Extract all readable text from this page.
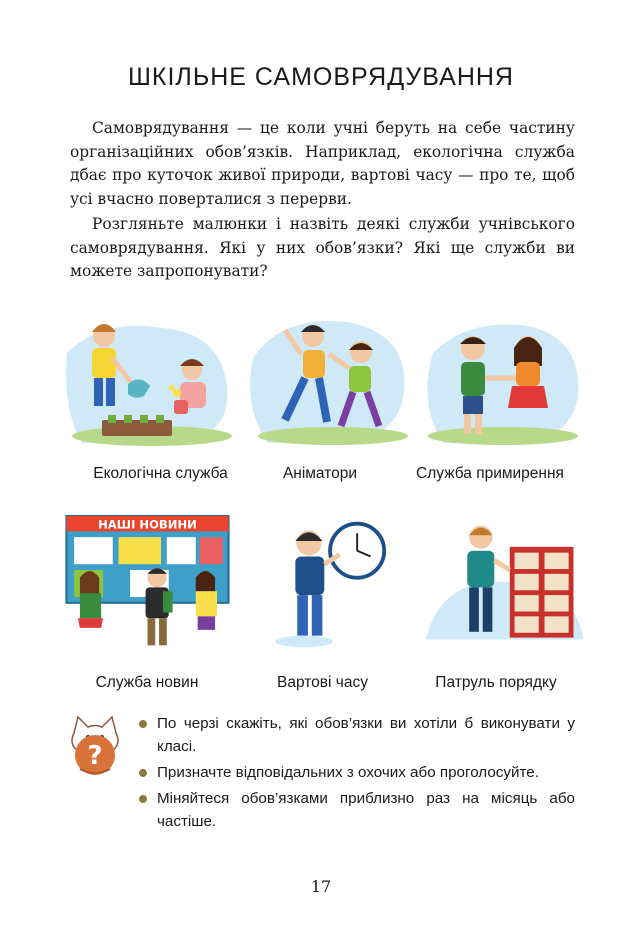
ШКІЛЬНЕ САМОВРЯДУВАННЯ

Самоврядування — це коли учні беруть на себе частину організаційних обов’язків. Наприклад, екологічна служба дбає про куточок живої природи, вартові часу — про те, щоб усі вчасно поверталися з перерви.

Розгляньте малюнки і назвіть деякі служби учнівського самоврядування. Які у них обов’язки? Які ще служби ви можете запропонувати?

Екологічна служба	Аніматори	Служба примирення
НАШІ НОВИНИ
Служба новин	Вартові часу	Патруль порядку
?
По черзі скажіть, які обов’язки ви хотіли б виконувати у класі.
Призначте відповідальних з охочих або проголосуйте.
Міняйтеся обов’язками приблизно раз на місяць або частіше.
17
